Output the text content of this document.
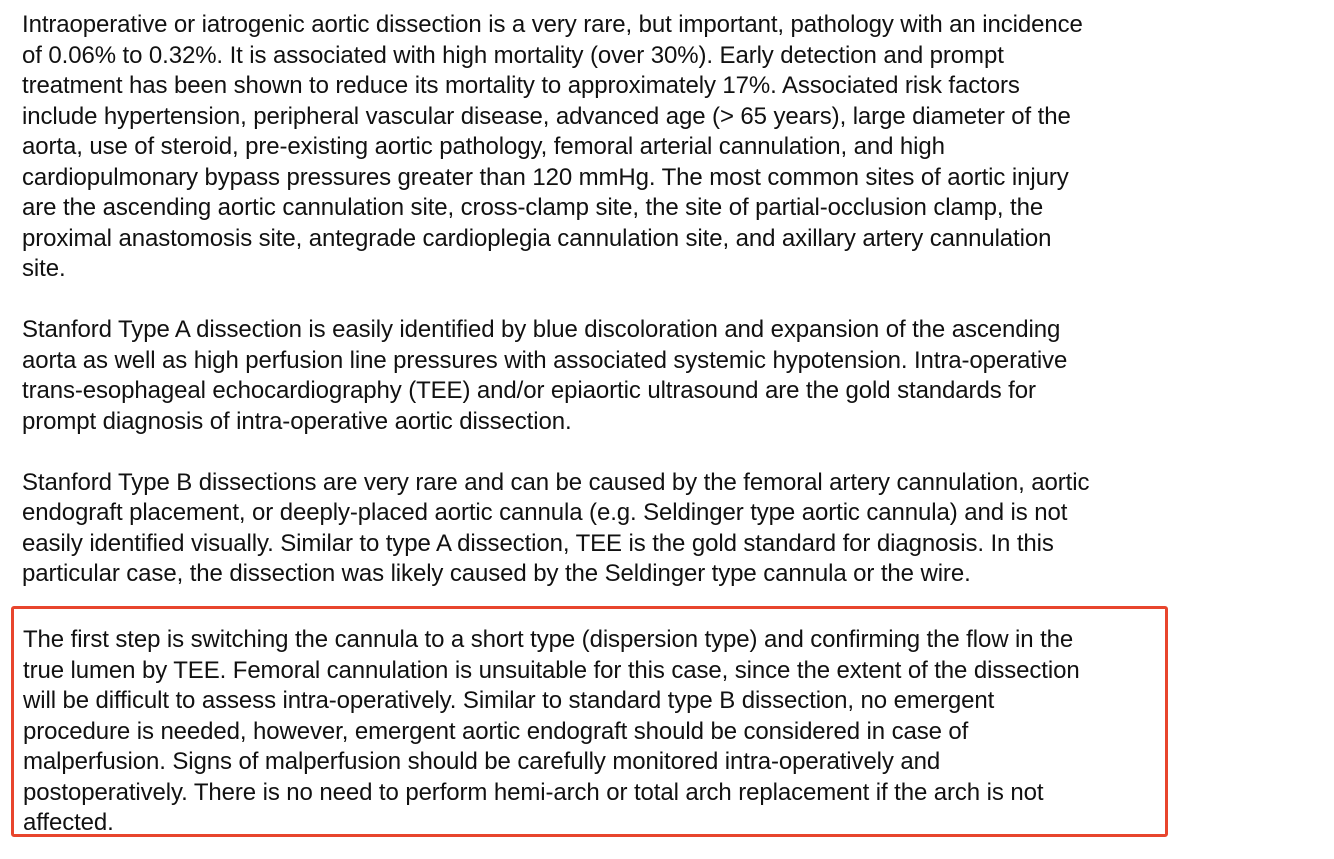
Intraoperative or iatrogenic aortic dissection is a very rare, but important, pathology with an incidence
of 0.06% to 0.32%. It is associated with high mortality (over 30%). Early detection and prompt
treatment has been shown to reduce its mortality to approximately 17%. Associated risk factors
include hypertension, peripheral vascular disease, advanced age (> 65 years), large diameter of the
aorta, use of steroid, pre-existing aortic pathology, femoral arterial cannulation, and high
cardiopulmonary bypass pressures greater than 120 mmHg. The most common sites of aortic injury
are the ascending aortic cannulation site, cross-clamp site, the site of partial-occlusion clamp, the
proximal anastomosis site, antegrade cardioplegia cannulation site, and axillary artery cannulation
site.

Stanford Type A dissection is easily identified by blue discoloration and expansion of the ascending
aorta as well as high perfusion line pressures with associated systemic hypotension. Intra-operative
trans-esophageal echocardiography (TEE) and/or epiaortic ultrasound are the gold standards for
prompt diagnosis of intra-operative aortic dissection.

Stanford Type B dissections are very rare and can be caused by the femoral artery cannulation, aortic
endograft placement, or deeply-placed aortic cannula (e.g. Seldinger type aortic cannula) and is not
easily identified visually. Similar to type A dissection, TEE is the gold standard for diagnosis. In this
particular case, the dissection was likely caused by the Seldinger type cannula or the wire.

The first step is switching the cannula to a short type (dispersion type) and confirming the flow in the
true lumen by TEE. Femoral cannulation is unsuitable for this case, since the extent of the dissection
will be difficult to assess intra-operatively. Similar to standard type B dissection, no emergent
procedure is needed, however, emergent aortic endograft should be considered in case of
malperfusion. Signs of malperfusion should be carefully monitored intra-operatively and
postoperatively. There is no need to perform hemi-arch or total arch replacement if the arch is not
affected.
